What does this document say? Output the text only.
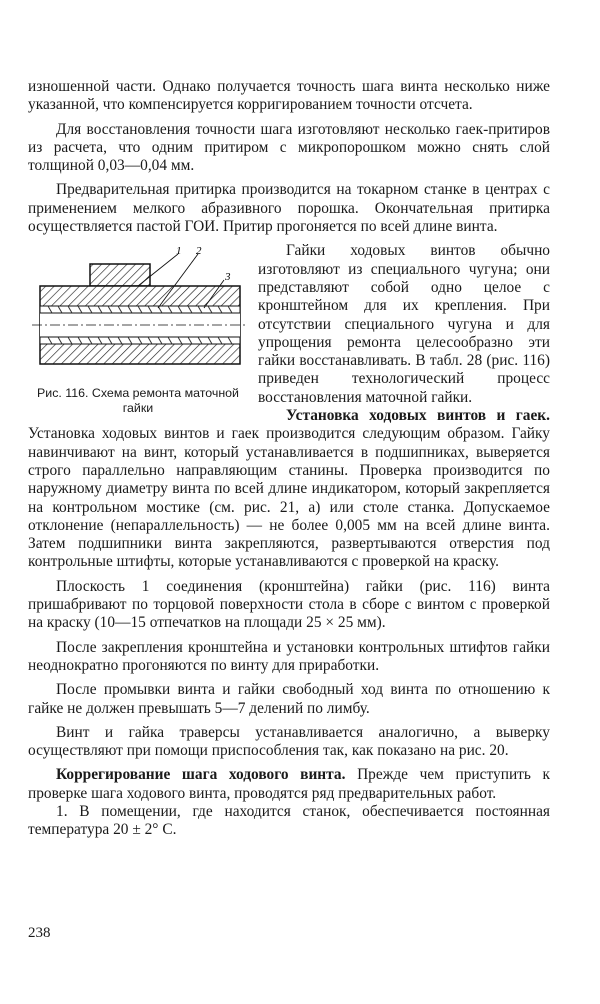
изношенной части. Однако получается точность шага винта несколько ниже указанной, что компенсируется корригированием точности отсчета.

Для восстановления точности шага изготовляют несколько гаек-притиров из расчета, что одним притиром с микропорошком можно снять слой толщиной 0,03—0,04 мм.

Предварительная притирка производится на токарном станке в центрах с применением мелкого абразивного порошка. Окончательная притирка осуществляется пастой ГОИ. Притир прогоняется по всей длине винта.

1 2
3
Рис. 116. Схема ремонта маточной гайки

Гайки ходовых винтов обычно изготовляют из специального чугуна; они представляют собой одно целое с кронштейном для их крепления. При отсутствии специального чугуна и для упрощения ремонта целесообразно эти гайки восстанавливать. В табл. 28 (рис. 116) приведен технологический процесс восстановления маточной гайки.

Установка ходовых винтов и гаек. Установка ходовых винтов и гаек производится следующим образом. Гайку навинчивают на винт, который устанавливается в подшипниках, выверяется строго параллельно направляющим станины. Проверка производится по наружному диаметру винта по всей длине индикатором, который закрепляется на контрольном мостике (см. рис. 21, а) или столе станка. Допускаемое отклонение (непараллельность) — не более 0,005 мм на всей длине винта. Затем подшипники винта закрепляются, развертываются отверстия под контрольные штифты, которые устанавливаются с проверкой на краску.

Плоскость 1 соединения (кронштейна) гайки (рис. 116) винта пришабривают по торцовой поверхности стола в сборе с винтом с проверкой на краску (10—15 отпечатков на площади 25 × 25 мм).

После закрепления кронштейна и установки контрольных штифтов гайки неоднократно прогоняются по винту для приработки.

После промывки винта и гайки свободный ход винта по отношению к гайке не должен превышать 5—7 делений по лимбу.

Винт и гайка траверсы устанавливается аналогично, а выверку осуществляют при помощи приспособления так, как показано на рис. 20.

Коррегирование шага ходового винта. Прежде чем приступить к проверке шага ходового винта, проводятся ряд предварительных работ.

1. В помещении, где находится станок, обеспечивается постоянная температура 20 ± 2° С.

238
